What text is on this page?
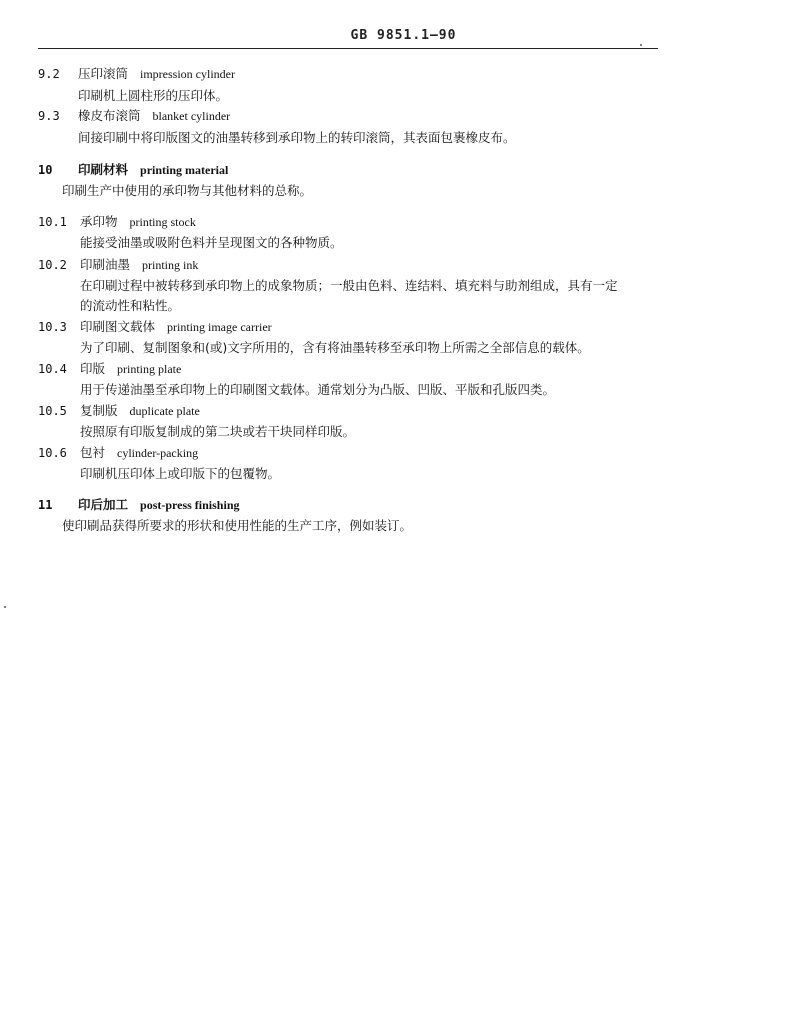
GB 9851.1—90
9.2 压印滚筒 impression cylinder
印刷机上圆柱形的压印体。
9.3 橡皮布滚筒 blanket cylinder
间接印刷中将印版图文的油墨转移到承印物上的转印滚筒，其表面包裹橡皮布。
10 印刷材料 printing material
印刷生产中使用的承印物与其他材料的总称。
10.1 承印物 printing stock
能接受油墨或吸附色料并呈现图文的各种物质。
10.2 印刷油墨 printing ink
在印刷过程中被转移到承印物上的成象物质；一般由色料、连结料、填充料与助剂组成，具有一定
的流动性和粘性。
10.3 印刷图文载体 printing image carrier
为了印刷、复制图象和(或)文字所用的，含有将油墨转移至承印物上所需之全部信息的载体。
10.4 印版 printing plate
用于传递油墨至承印物上的印刷图文载体。通常划分为凸版、凹版、平版和孔版四类。
10.5 复制版 duplicate plate
按照原有印版复制成的第二块或若干块同样印版。
10.6 包衬 cylinder-packing
印刷机压印体上或印版下的包覆物。
11 印后加工 post-press finishing
使印刷品获得所要求的形状和使用性能的生产工序，例如装订。
